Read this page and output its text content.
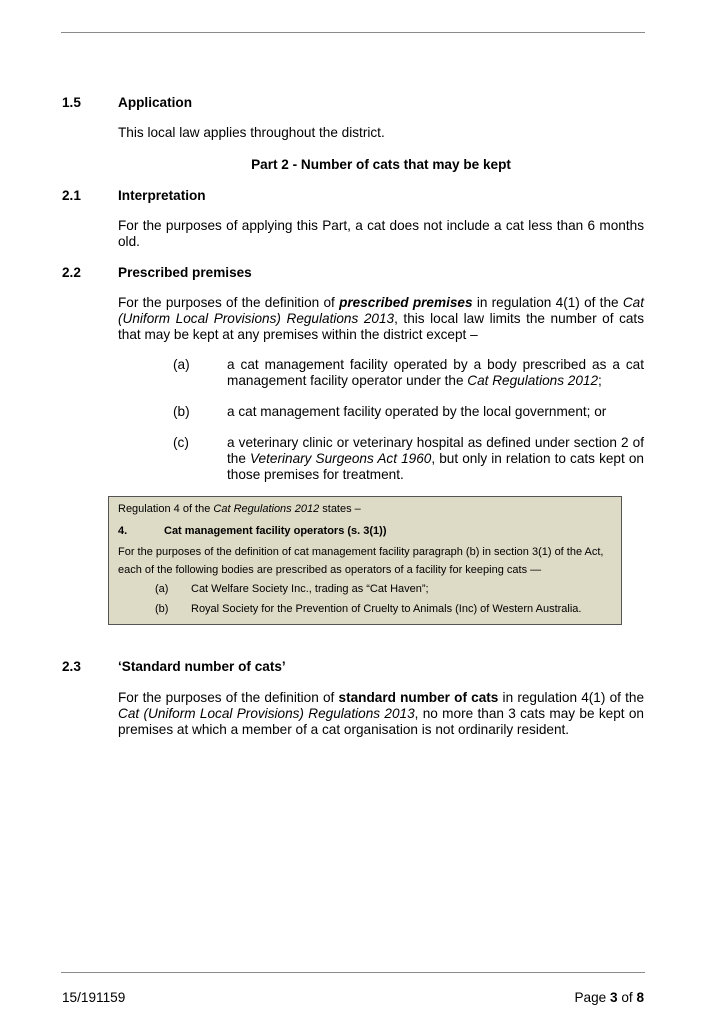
1.5	Application
This local law applies throughout the district.
Part 2 - Number of cats that may be kept
2.1	Interpretation
For the purposes of applying this Part, a cat does not include a cat less than 6 months old.
2.2	Prescribed premises
For the purposes of the definition of prescribed premises in regulation 4(1) of the Cat (Uniform Local Provisions) Regulations 2013, this local law limits the number of cats that may be kept at any premises within the district except –
(a)	a cat management facility operated by a body prescribed as a cat management facility operator under the Cat Regulations 2012;
(b)	a cat management facility operated by the local government; or
(c)	a veterinary clinic or veterinary hospital as defined under section 2 of the Veterinary Surgeons Act 1960, but only in relation to cats kept on those premises for treatment.
Regulation 4 of the Cat Regulations 2012 states –
4.	Cat management facility operators (s. 3(1))
For the purposes of the definition of cat management facility paragraph (b) in section 3(1) of the Act, each of the following bodies are prescribed as operators of a facility for keeping cats —
(a) Cat Welfare Society Inc., trading as “Cat Haven”;
(b) Royal Society for the Prevention of Cruelty to Animals (Inc) of Western Australia.
2.3	‘Standard number of cats’
For the purposes of the definition of standard number of cats in regulation 4(1) of the Cat (Uniform Local Provisions) Regulations 2013, no more than 3 cats may be kept on premises at which a member of a cat organisation is not ordinarily resident.
15/191159	Page 3 of 8
